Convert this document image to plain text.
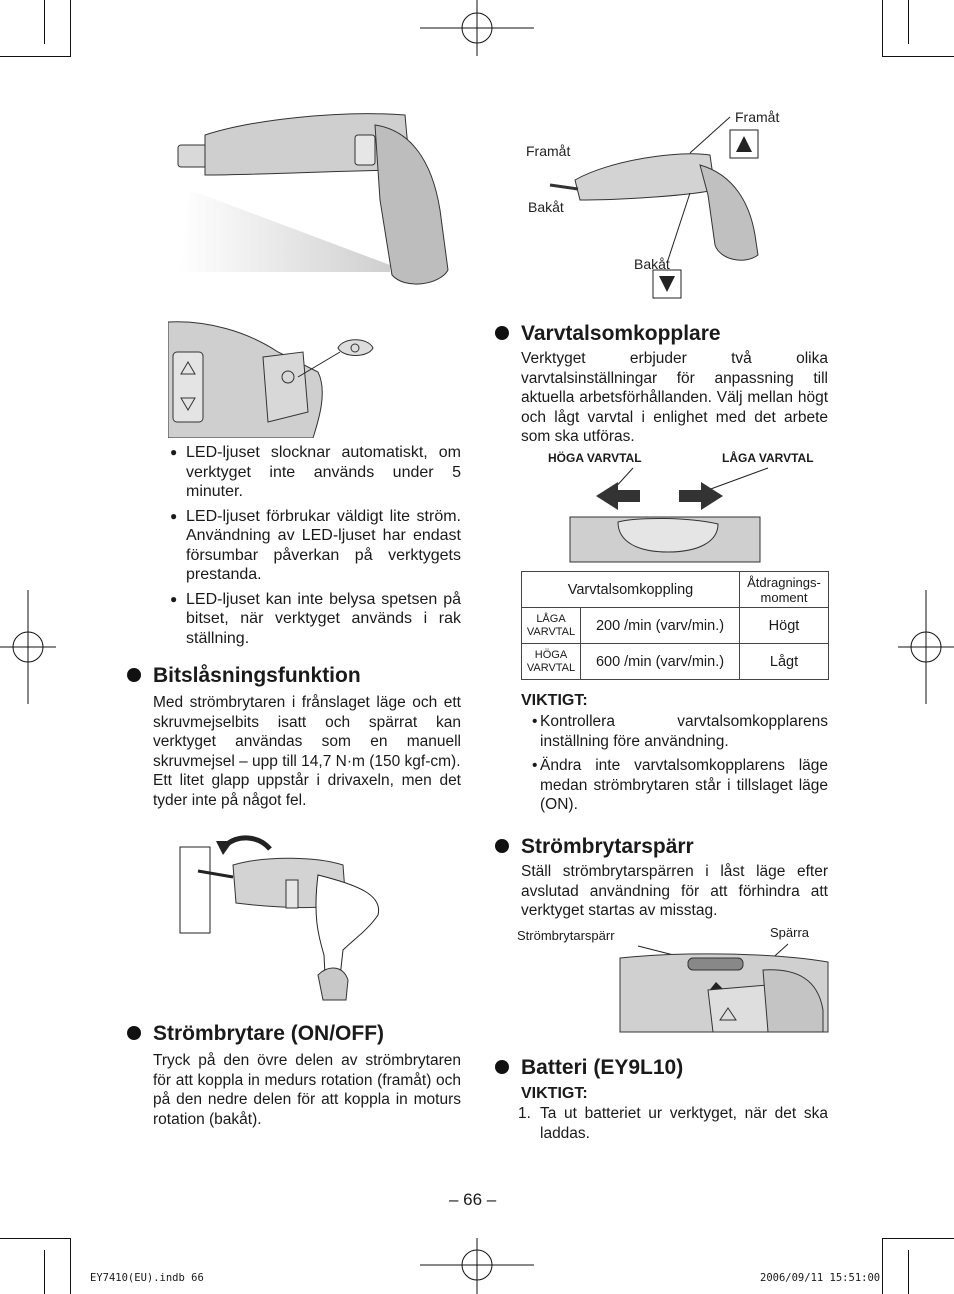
Framåt
Framåt
Bakåt
Bakåt
● LED-ljuset slocknar automatiskt, om verktyget inte används under 5 minuter.
● LED-ljuset förbrukar väldigt lite ström. Användning av LED-ljuset har endast försumbar påverkan på verktygets prestanda.
● LED-ljuset kan inte belysa spetsen på bitset, när verktyget används i rak ställning.
Bitslåsningsfunktion
Med strömbrytaren i frånslaget läge och ett skruvmejselbits isatt och spärrat kan verktyget användas som en manuell skruvmejsel – upp till 14,7 N·m (150 kgf-cm).
Ett litet glapp uppstår i drivaxeln, men det tyder inte på något fel.
Strömbrytare (ON/OFF)
Tryck på den övre delen av strömbrytaren för att koppla in medurs rotation (framåt) och på den nedre delen för att koppla in moturs rotation (bakåt).
Varvtalsomkopplare
Verktyget erbjuder två olika varvtalsinställningar för anpassning till aktuella arbetsförhållanden. Välj mellan högt och lågt varvtal i enlighet med det arbete som ska utföras.
HÖGA VARVTAL	LÅGA VARVTAL
Varvtalsomkoppling		Åtdragnings-moment
LÅGA VARVTAL	200 /min (varv/min.)	Högt
HÖGA VARVTAL	600 /min (varv/min.)	Lågt
VIKTIGT:
• Kontrollera varvtalsomkopplarens inställning före användning.
• Ändra inte varvtalsomkopplarens läge medan strömbrytaren står i tillslaget läge (ON).
Strömbrytarspärr
Ställ strömbrytarspärren i låst läge efter avslutad användning för att förhindra att verktyget startas av misstag.
Strömbrytarspärr	Spärra
Batteri (EY9L10)
VIKTIGT:
1. Ta ut batteriet ur verktyget, när det ska laddas.
– 66 –
EY7410(EU).indb 66	2006/09/11 15:51:00
